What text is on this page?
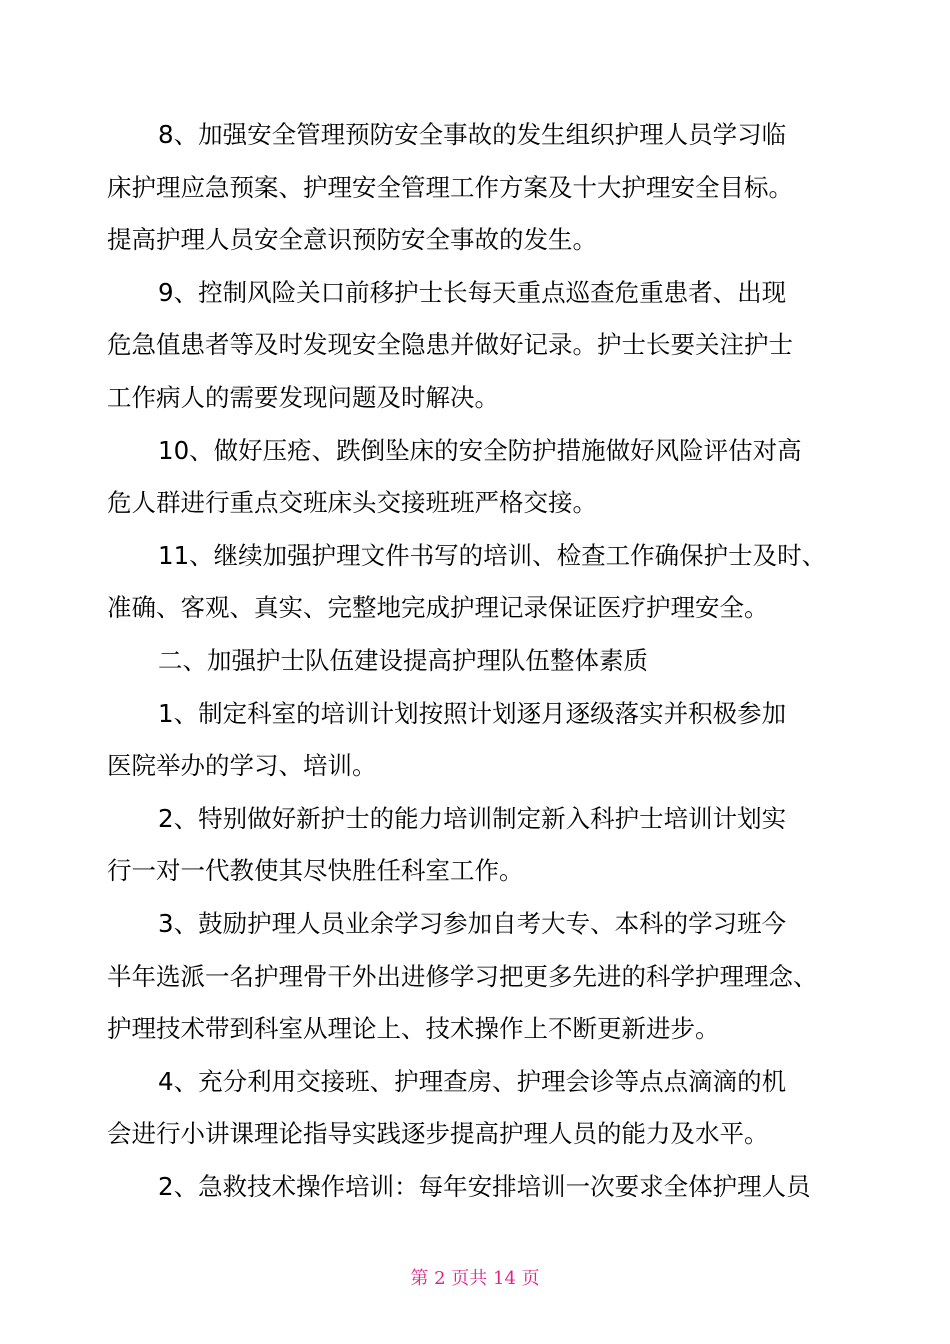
8、加强安全管理预防安全事故的发生组织护理人员学习临
床护理应急预案、护理安全管理工作方案及十大护理安全目标。
提高护理人员安全意识预防安全事故的发生。
9、控制风险关口前移护士长每天重点巡查危重患者、出现
危急值患者等及时发现安全隐患并做好记录。护士长要关注护士
工作病人的需要发现问题及时解决。
10、做好压疮、跌倒坠床的安全防护措施做好风险评估对高
危人群进行重点交班床头交接班班严格交接。
11、继续加强护理文件书写的培训、检查工作确保护士及时、
准确、客观、真实、完整地完成护理记录保证医疗护理安全。
二、加强护士队伍建设提高护理队伍整体素质
1、制定科室的培训计划按照计划逐月逐级落实并积极参加
医院举办的学习、培训。
2、特别做好新护士的能力培训制定新入科护士培训计划实
行一对一代教使其尽快胜任科室工作。
3、鼓励护理人员业余学习参加自考大专、本科的学习班今
半年选派一名护理骨干外出进修学习把更多先进的科学护理理念、
护理技术带到科室从理论上、技术操作上不断更新进步。
4、充分利用交接班、护理查房、护理会诊等点点滴滴的机
会进行小讲课理论指导实践逐步提高护理人员的能力及水平。
2、急救技术操作培训：每年安排培训一次要求全体护理人员
第 2 页共 14 页
